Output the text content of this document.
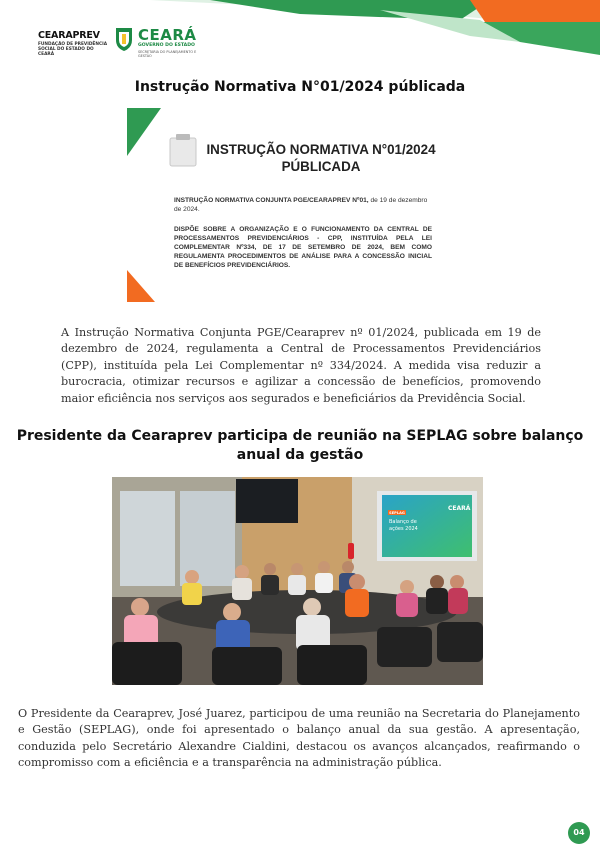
CEARAPREV
FUNDAÇÃO DE PREVIDÊNCIA SOCIAL DO ESTADO DO CEARÁ
CEARÁ
GOVERNO DO ESTADO
SECRETARIA DO PLANEJAMENTO E GESTÃO
Instrução Normativa N°01/2024 públicada
INSTRUÇÃO NORMATIVA N°01/2024 PÚBLICADA
INSTRUÇÃO NORMATIVA CONJUNTA PGE/CEARAPREV Nº01, de 19 de dezembro de 2024.
DISPÕE SOBRE A ORGANIZAÇÃO E O FUNCIONAMENTO DA CENTRAL DE PROCESSAMENTOS PREVIDENCIÁRIOS - CPP, INSTITUÍDA PELA LEI COMPLEMENTAR Nº334, DE 17 DE SETEMBRO DE 2024, BEM COMO REGULAMENTA PROCEDIMENTOS DE ANÁLISE PARA A CONCESSÃO INICIAL DE BENEFÍCIOS PREVIDENCIÁRIOS.
A Instrução Normativa Conjunta PGE/Cearaprev nº 01/2024, publicada em 19 de dezembro de 2024, regulamenta a Central de Processamentos Previdenciários (CPP), instituída pela Lei Complementar nº 334/2024. A medida visa reduzir a burocracia, otimizar recursos e agilizar a concessão de benefícios, promovendo maior eficiência nos serviços aos segurados e beneficiários da Previdência Social.
Presidente da Cearaprev participa de reunião na SEPLAG sobre balanço anual da gestão
SEPLAG
Balanço de
ações 2024
CEARÁ
O Presidente da Cearaprev, José Juarez, participou de uma reunião na Secretaria do Planejamento e Gestão (SEPLAG), onde foi apresentado o balanço anual da sua gestão. A apresentação, conduzida pelo Secretário Alexandre Cialdini, destacou os avanços alcançados, reafirmando o compromisso com a eficiência e a transparência na administração pública.
04
